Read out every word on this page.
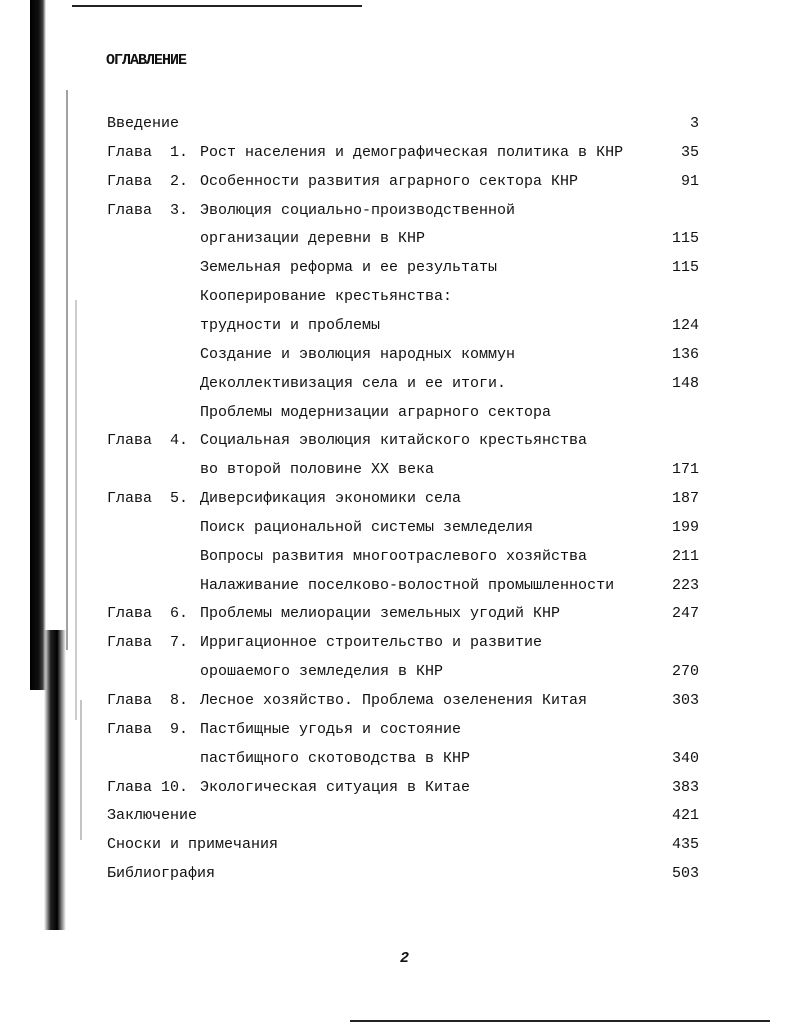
ОГЛАВЛЕНИЕ
Введение	3
Глава  1. Рост населения и демографическая политика в КНР	35
Глава  2. Особенности развития аграрного сектора КНР	91
Глава  3. Эволюция социально-производственной
организации деревни в КНР	115
Земельная реформа и ее результаты	115
Кооперирование крестьянства:
трудности и проблемы	124
Создание и эволюция народных коммун	136
Деколлективизация села и ее итоги.	148
Проблемы модернизации аграрного сектора
Глава  4. Социальная эволюция китайского крестьянства
во второй половине XX века	171
Глава  5. Диверсификация экономики села	187
Поиск рациональной системы земледелия	199
Вопросы развития многоотраслевого хозяйства	211
Налаживание поселково-волостной промышленности	223
Глава  6. Проблемы мелиорации земельных угодий КНР	247
Глава  7. Ирригационное строительство и развитие
орошаемого земледелия в КНР	270
Глава  8. Лесное хозяйство. Проблема озеленения Китая	303
Глава  9. Пастбищные угодья и состояние
пастбищного скотоводства в КНР	340
Глава 10. Экологическая ситуация в Китае	383
Заключение	421
Сноски и примечания	435
Библиография	503
2
